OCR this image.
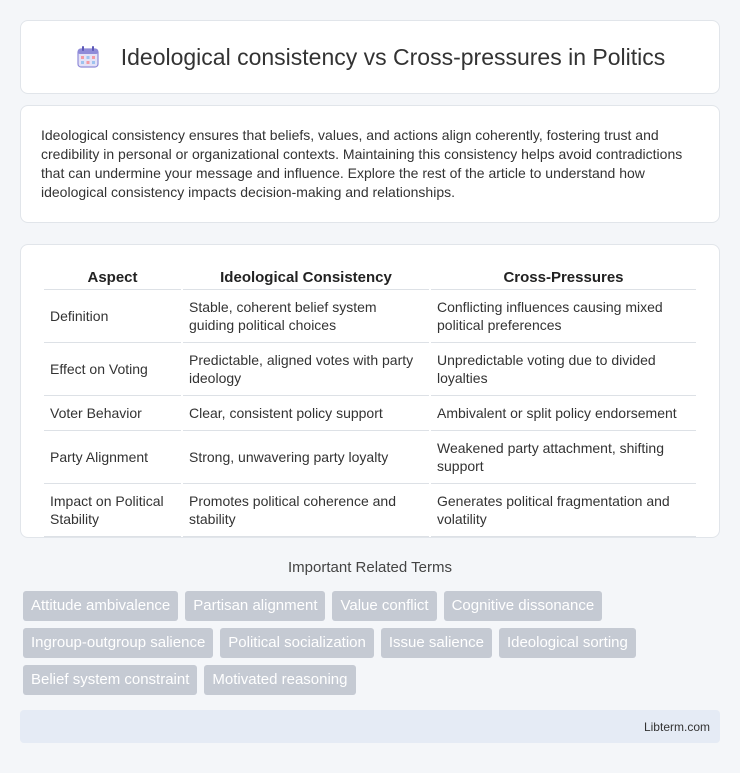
Ideological consistency vs Cross-pressures in Politics

Ideological consistency ensures that beliefs, values, and actions align coherently, fostering trust and credibility in personal or organizational contexts. Maintaining this consistency helps avoid contradictions that can undermine your message and influence. Explore the rest of the article to understand how ideological consistency impacts decision-making and relationships.

Aspect	Ideological Consistency	Cross-Pressures
Definition	Stable, coherent belief system guiding political choices	Conflicting influences causing mixed political preferences
Effect on Voting	Predictable, aligned votes with party ideology	Unpredictable voting due to divided loyalties
Voter Behavior	Clear, consistent policy support	Ambivalent or split policy endorsement
Party Alignment	Strong, unwavering party loyalty	Weakened party attachment, shifting support
Impact on Political Stability	Promotes political coherence and stability	Generates political fragmentation and volatility
Important Related Terms
Attitude ambivalence	Partisan alignment	Value conflict	Cognitive dissonance
Ingroup-outgroup salience	Political socialization	Issue salience	Ideological sorting
Belief system constraint	Motivated reasoning
Libterm.com
